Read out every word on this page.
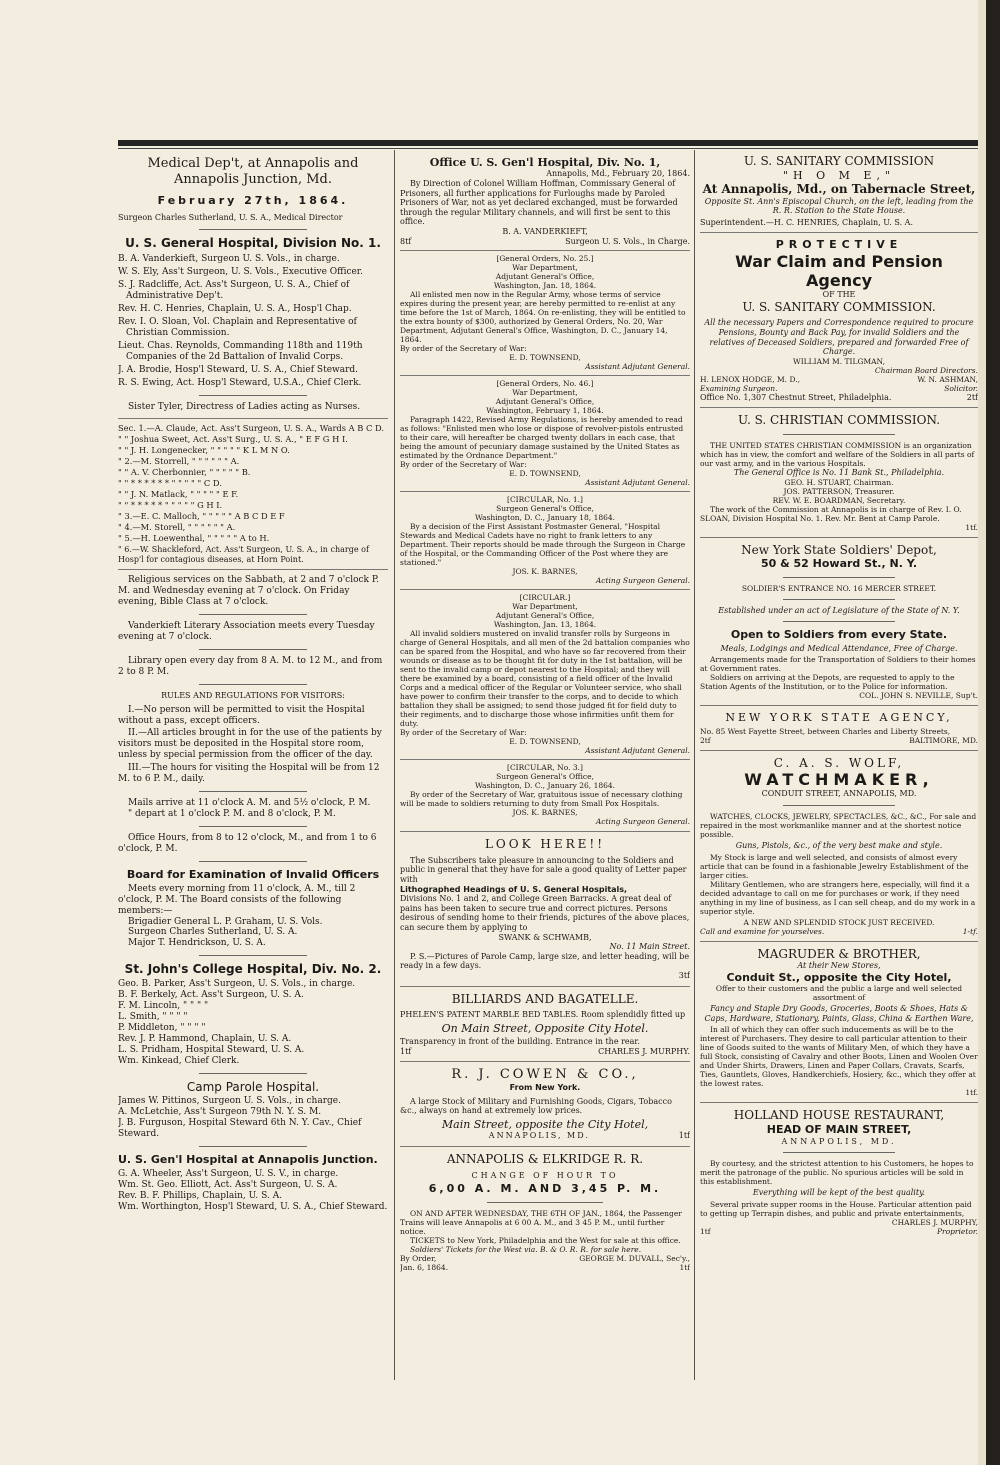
Medical Dep't, at Annapolis and Annapolis Junction, Md.

February 27th, 1864.

Surgeon Charles Sutherland, U. S. A., Medical Director

U. S. General Hospital, Division No. 1.

B. A. Vanderkieft, Surgeon U. S. Vols., in charge.

W. S. Ely, Ass't Surgeon, U. S. Vols., Executive Officer.

S. J. Radcliffe, Act. Ass't Surgeon, U. S. A., Chief of Administrative Dep't.

Rev. H. C. Henries, Chaplain, U. S. A., Hosp'l Chap.

Rev. I. O. Sloan, Vol. Chaplain and Representative of Christian Commission.

Lieut. Chas. Reynolds, Commanding 118th and 119th Companies of the 2d Battalion of Invalid Corps.

J. A. Brodie, Hosp'l Steward, U. S. A., Chief Steward.

R. S. Ewing, Act. Hosp'l Steward, U.S.A., Chief Clerk.

Sister Tyler, Directress of Ladies acting as Nurses.

Sec. 1.—A. Claude, Act. Ass't Surgeon, U. S. A., Wards A B C D.
" " Joshua Sweet, Act. Ass't Surg., U. S. A., " E F G H I.
" " J. H. Longenecker, " " " " " K L M N O.
" 2.—M. Storrell, " " " " " " A.
" " A. V. Cherbonnier, " " " " " B.
" " * * * * * * " " " " " C D.
" " J. N. Matlack, " " " " " E F.
" " * * * * * " " " " " G H I.
" 3.—E. C. Malloch, " " " " " A B C D E F
" 4.—M. Storell, " " " " " " A.
" 5.—H. Loewenthal, " " " " " A to H.

" 6.—W. Shackleford, Act. Ass't Surgeon, U. S. A., in charge of Hosp'l for contagious diseases, at Horn Point.

Religious services on the Sabbath, at 2 and 7 o'clock P. M. and Wednesday evening at 7 o'clock. On Friday evening, Bible Class at 7 o'clock.

Vanderkieft Literary Association meets every Tuesday evening at 7 o'clock.

Library open every day from 8 A. M. to 12 M., and from 2 to 8 P. M.

RULES AND REGULATIONS FOR VISITORS:

I.—No person will be permitted to visit the Hospital without a pass, except officers.

II.—All articles brought in for the use of the patients by visitors must be deposited in the Hospital store room, unless by special permission from the officer of the day.

III.—The hours for visiting the Hospital will be from 12 M. to 6 P. M., daily.

Mails arrive at 11 o'clock A. M. and 5½ o'clock, P. M.

" depart at 1 o'clock P. M. and 8 o'clock, P. M.

Office Hours, from 8 to 12 o'clock, M., and from 1 to 6 o'clock, P. M.

Board for Examination of Invalid Officers

Meets every morning from 11 o'clock, A. M., till 2 o'clock, P. M. The Board consists of the following members:—

Brigadier General L. P. Graham, U. S. Vols.

Surgeon Charles Sutherland, U. S. A.

Major T. Hendrickson, U. S. A.

St. John's College Hospital, Div. No. 2.

Geo. B. Parker, Ass't Surgeon, U. S. Vols., in charge.

B. F. Berkely, Act. Ass't Surgeon, U. S. A.

F. M. Lincoln, " " " "

L. Smith, " " " "

P. Middleton, " " " "

Rev. J. P. Hammond, Chaplain, U. S. A.

L. S. Pridham, Hospital Steward, U. S. A.

Wm. Kinkead, Chief Clerk.

Camp Parole Hospital.

James W. Pittinos, Surgeon U. S. Vols., in charge.

A. McLetchie, Ass't Surgeon 79th N. Y. S. M.

J. B. Furguson, Hospital Steward 6th N. Y. Cav., Chief Steward.

U. S. Gen'l Hospital at Annapolis Junction.

G. A. Wheeler, Ass't Surgeon, U. S. V., in charge.

Wm. St. Geo. Elliott, Act. Ass't Surgeon, U. S. A.

Rev. B. F. Phillips, Chaplain, U. S. A.

Wm. Worthington, Hosp'l Steward, U. S. A., Chief Steward.

Office U. S. Gen'l Hospital, Div. No. 1,

Annapolis, Md., February 20, 1864.

By Direction of Colonel William Hoffman, Commissary General of Prisoners, all further applications for Furloughs made by Paroled Prisoners of War, not as yet declared exchanged, must be forwarded through the regular Military channels, and will first be sent to this office.

B. A. VANDERKIEFT,

8tf	Surgeon U. S. Vols., in Charge.

[General Orders, No. 25.]

War Department,

Adjutant General's Office,

Washington, Jan. 18, 1864.

All enlisted men now in the Regular Army, whose terms of service expires during the present year, are hereby permitted to re-enlist at any time before the 1st of March, 1864. On re-enlisting, they will be entitled to the extra bounty of $300, authorized by General Orders, No. 20, War Department, Adjutant General's Office, Washington, D. C., January 14, 1864.

By order of the Secretary of War:

E. D. TOWNSEND,

Assistant Adjutant General.

[General Orders, No. 46.]

War Department,

Adjutant General's Office,

Washington, February 1, 1864.

Paragraph 1422, Revised Army Regulations, is hereby amended to read as follows: "Enlisted men who lose or dispose of revolver-pistols entrusted to their care, will hereafter be charged twenty dollars in each case, that being the amount of pecuniary damage sustained by the United States as estimated by the Ordnance Department."

By order of the Secretary of War:

E. D. TOWNSEND,

Assistant Adjutant General.

[CIRCULAR, No. 1.]

Surgeon General's Office,

Washington, D. C., January 18, 1864.

By a decision of the First Assistant Postmaster General, "Hospital Stewards and Medical Cadets have no right to frank letters to any Department. Their reports should be made through the Surgeon in Charge of the Hospital, or the Commanding Officer of the Post where they are stationed."

JOS. K. BARNES,

Acting Surgeon General.

[CIRCULAR.]

War Department,

Adjutant General's Office,

Washington, Jan. 13, 1864.

All invalid soldiers mustered on invalid transfer rolls by Surgeons in charge of General Hospitals, and all men of the 2d battalion companies who can be spared from the Hospital, and who have so far recovered from their wounds or disease as to be thought fit for duty in the 1st battalion, will be sent to the invalid camp or depot nearest to the Hospital; and they will there be examined by a board, consisting of a field officer of the Invalid Corps and a medical officer of the Regular or Volunteer service, who shall have power to confirm their transfer to the corps, and to decide to which battalion they shall be assigned; to send those judged fit for field duty to their regiments, and to discharge those whose infirmities unfit them for duty.

By order of the Secretary of War:

E. D. TOWNSEND,

Assistant Adjutant General.

[CIRCULAR, No. 3.]

Surgeon General's Office,

Washington, D. C., January 26, 1864.

By order of the Secretary of War, gratuitous issue of necessary clothing will be made to soldiers returning to duty from Small Pox Hospitals.

JOS. K. BARNES,

Acting Surgeon General.

LOOK HERE!!

The Subscribers take pleasure in announcing to the Soldiers and public in general that they have for sale a good quality of Letter paper with

Lithographed Headings of U. S. General Hospitals,

Divisions No. 1 and 2, and College Green Barracks. A great deal of pains has been taken to secure true and correct pictures. Persons desirous of sending home to their friends, pictures of the above places, can secure them by applying to

SWANK & SCHWAMB,

No. 11 Main Street.

P. S.—Pictures of Parole Camp, large size, and letter heading, will be ready in a few days.

3tf

BILLIARDS AND BAGATELLE.

PHELEN'S PATENT MARBLE BED TABLES. Room splendidly fitted up

On Main Street, Opposite City Hotel.

Transparency in front of the building. Entrance in the rear.

1tf	CHARLES J. MURPHY.

R. J. COWEN & CO.,

From New York.

A large Stock of Military and Furnishing Goods, Cigars, Tobacco &c., always on hand at extremely low prices.

Main Street, opposite the City Hotel,

ANNAPOLIS, MD.	1tf

ANNAPOLIS & ELKRIDGE R. R.

CHANGE OF HOUR TO

6,00 A. M. AND 3,45 P. M.

ON AND AFTER WEDNESDAY, THE 6TH OF JAN., 1864, the Passenger Trains will leave Annapolis at 6 00 A. M., and 3 45 P. M., until further notice.

TICKETS to New York, Philadelphia and the West for sale at this office.

Soldiers' Tickets for the West via. B. & O. R. R. for sale here.

By Order,	GEORGE M. DUVALL, Sec'y.,
Jan. 6, 1864.	1tf

U. S. SANITARY COMMISSION

"H O M E,"

At Annapolis, Md., on Tabernacle Street,

Opposite St. Ann's Episcopal Church, on the left, leading from the R. R. Station to the State House.

Superintendent.—H. C. HENRIES, Chaplain, U. S. A.

PROTECTIVE

War Claim and Pension Agency

OF THE

U. S. SANITARY COMMISSION.

All the necessary Papers and Correspondence required to procure Pensions, Bounty and Back Pay, for invalid Soldiers and the relatives of Deceased Soldiers, prepared and forwarded Free of Charge.

WILLIAM M. TILGMAN,

Chairman Board Directors.

H. LENOX HODGE, M. D.,	W. N. ASHMAN,
Examining Surgeon.	Solicitor.
Office No. 1,307 Chestnut Street, Philadelphia.	2tf

U. S. CHRISTIAN COMMISSION.

THE UNITED STATES CHRISTIAN COMMISSION is an organization which has in view, the comfort and welfare of the Soldiers in all parts of our vast army, and in the various Hospitals.

The General Office is No. 11 Bank St., Philadelphia.

GEO. H. STUART, Chairman.

JOS. PATTERSON, Treasurer.

REV. W. E. BOARDMAN, Secretary.

The work of the Commission at Annapolis is in charge of Rev. I. O. SLOAN, Division Hospital No. 1. Rev. Mr. Bent at Camp Parole.

1tf.

New York State Soldiers' Depot,

50 & 52 Howard St., N. Y.

SOLDIER'S ENTRANCE NO. 16 MERCER STREET.

Established under an act of Legislature of the State of N. Y.

Open to Soldiers from every State.

Meals, Lodgings and Medical Attendance, Free of Charge.

Arrangements made for the Transportation of Soldiers to their homes at Government rates.

Soldiers on arriving at the Depots, are requested to apply to the Station Agents of the Institution, or to the Police for information.

COL. JOHN S. NEVILLE, Sup't.

NEW YORK STATE AGENCY,

No. 85 West Fayette Street, between Charles and Liberty Streets,

2tf	BALTIMORE, MD.

C. A. S. WOLF,

WATCHMAKER,

CONDUIT STREET, ANNAPOLIS, MD.

WATCHES, CLOCKS, JEWELRY, SPECTACLES, &C., &C., For sale and repaired in the most workmanlike manner and at the shortest notice possible.

Guns, Pistols, &c., of the very best make and style.

My Stock is large and well selected, and consists of almost every article that can be found in a fashionable Jewelry Establishment of the larger cities.

Military Gentlemen, who are strangers here, especially, will find it a decided advantage to call on me for purchases or work, if they need anything in my line of business, as I can sell cheap, and do my work in a superior style.

A NEW AND SPLENDID STOCK JUST RECEIVED.

Call and examine for yourselves.	1-tf.

MAGRUDER & BROTHER,

At their New Stores,

Conduit St., opposite the City Hotel,

Offer to their customers and the public a large and well selected assortment of

Fancy and Staple Dry Goods, Groceries, Boots & Shoes, Hats & Caps, Hardware, Stationary, Paints, Glass, China & Earthen Ware,

In all of which they can offer such inducements as will be to the interest of Purchasers. They desire to call particular attention to their line of Goods suited to the wants of Military Men, of which they have a full Stock, consisting of Cavalry and other Boots, Linen and Woolen Over and Under Shirts, Drawers, Linen and Paper Collars, Cravats, Scarfs, Ties, Gauntlets, Gloves, Handkerchiefs, Hosiery, &c., which they offer at the lowest rates.

1tf.

HOLLAND HOUSE RESTAURANT,

HEAD OF MAIN STREET,

ANNAPOLIS, MD.

By courtesy, and the strictest attention to his Customers, he hopes to merit the patronage of the public. No spurious articles will be sold in this establishment.

Everything will be kept of the best quality.

Several private supper rooms in the House. Particular attention paid to getting up Terrapin dishes, and public and private entertainments,

CHARLES J. MURPHY,

1tf	Proprietor.
